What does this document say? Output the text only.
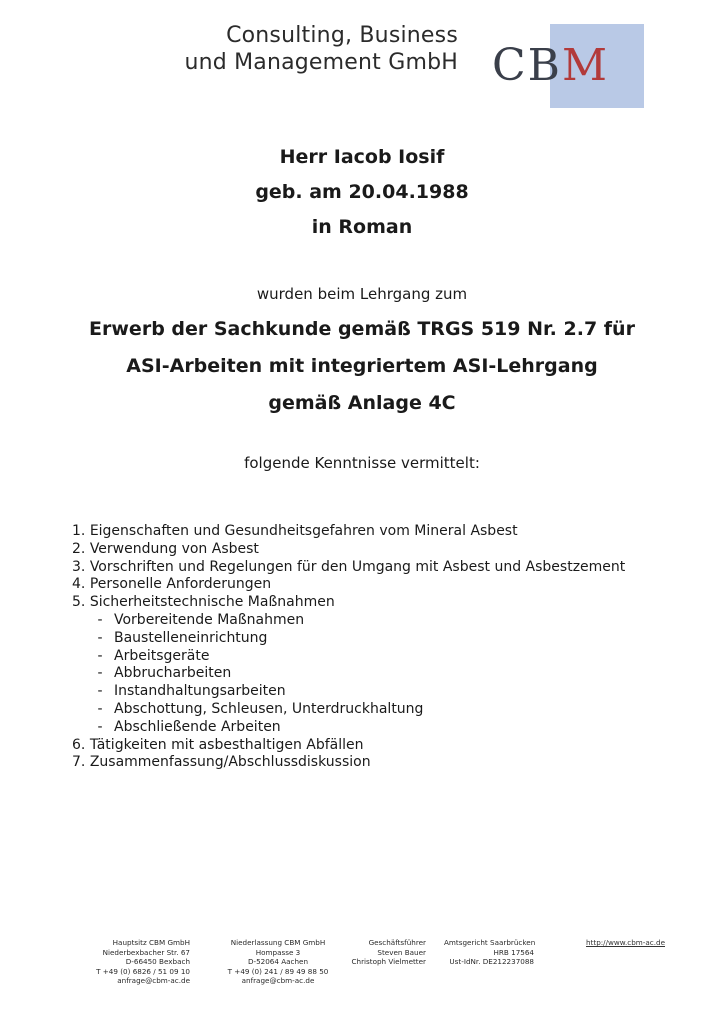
Consulting, Business
und Management GmbH CBM
Herr Iacob Iosif
geb. am 20.04.1988
in Roman
wurden beim Lehrgang zum
Erwerb der Sachkunde gemäß TRGS 519 Nr. 2.7 für
ASI-Arbeiten mit integriertem ASI-Lehrgang
gemäß Anlage 4C
folgende Kenntnisse vermittelt:
1. Eigenschaften und Gesundheitsgefahren vom Mineral Asbest
2. Verwendung von Asbest
3. Vorschriften und Regelungen für den Umgang mit Asbest und Asbestzement
4. Personelle Anforderungen
5. Sicherheitstechnische Maßnahmen
- Vorbereitende Maßnahmen
- Baustelleneinrichtung
- Arbeitsgeräte
- Abbrucharbeiten
- Instandhaltungsarbeiten
- Abschottung, Schleusen, Unterdruckhaltung
- Abschließende Arbeiten
6. Tätigkeiten mit asbesthaltigen Abfällen
7. Zusammenfassung/Abschlussdiskussion
Hauptsitz CBM GmbH
Niederbexbacher Str. 67
D-66450 Bexbach
T +49 (0) 6826 / 51 09 10
anfrage@cbm-ac.de
Niederlassung CBM GmbH
Hompasse 3
D-52064 Aachen
T +49 (0) 241 / 89 49 88 50
anfrage@cbm-ac.de
Geschäftsführer
Steven Bauer
Christoph Vielmetter
Amtsgericht Saarbrücken
HRB 17564
Ust-IdNr. DE212237088
http://www.cbm-ac.de
